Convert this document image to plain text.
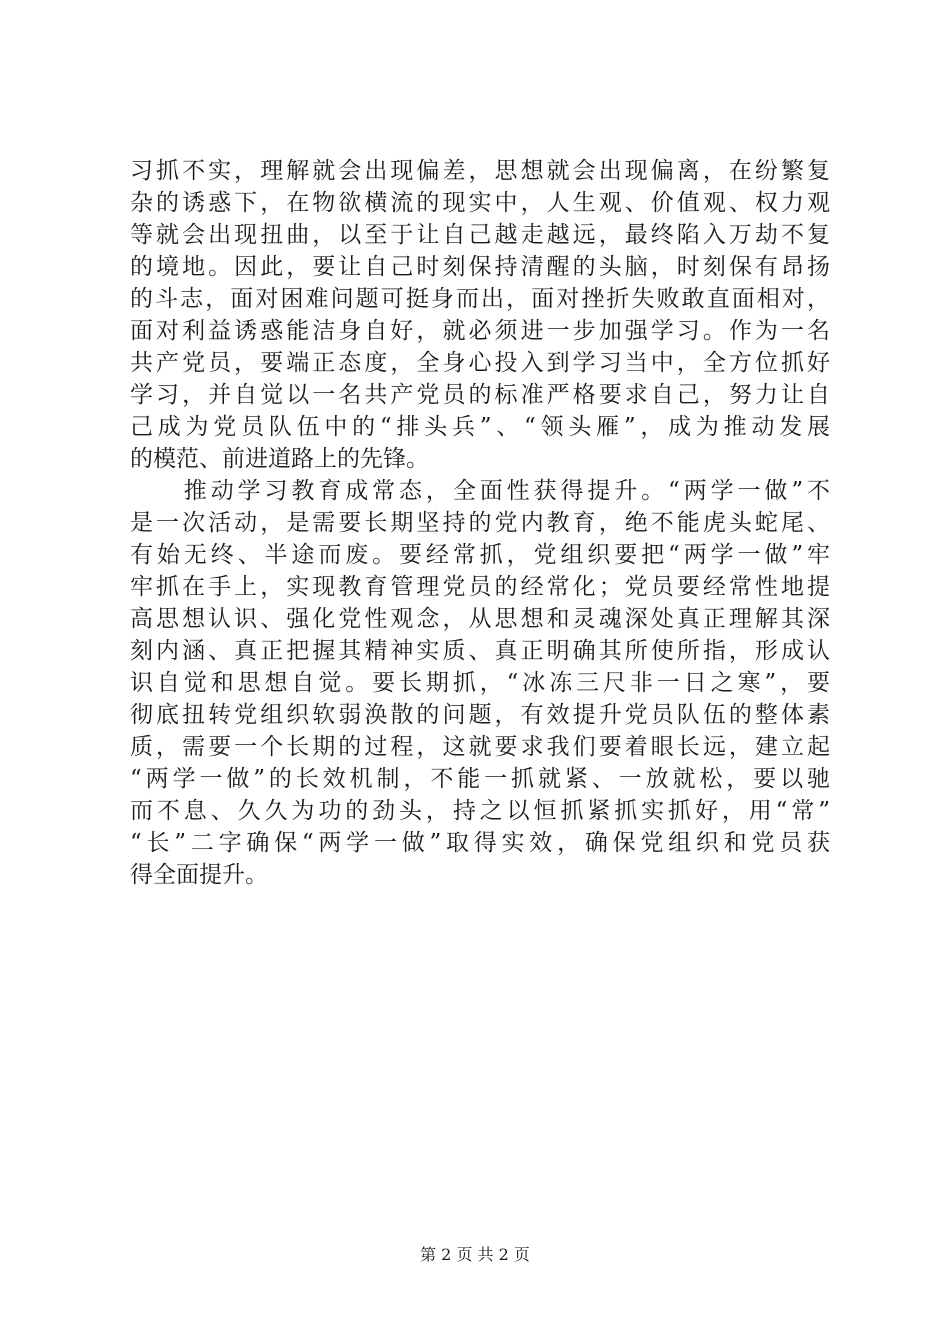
习抓不实，理解就会出现偏差，思想就会出现偏离，在纷繁复
杂的诱惑下，在物欲横流的现实中，人生观、价值观、权力观
等就会出现扭曲，以至于让自己越走越远，最终陷入万劫不复
的境地。因此，要让自己时刻保持清醒的头脑，时刻保有昂扬
的斗志，面对困难问题可挺身而出，面对挫折失败敢直面相对，
面对利益诱惑能洁身自好，就必须进一步加强学习。作为一名
共产党员，要端正态度，全身心投入到学习当中，全方位抓好
学习，并自觉以一名共产党员的标准严格要求自己，努力让自
己成为党员队伍中的“排头兵”、“领头雁”，成为推动发展
的模范、前进道路上的先锋。
　　推动学习教育成常态，全面性获得提升。“两学一做”不
是一次活动，是需要长期坚持的党内教育，绝不能虎头蛇尾、
有始无终、半途而废。要经常抓，党组织要把“两学一做”牢
牢抓在手上，实现教育管理党员的经常化；党员要经常性地提
高思想认识、强化党性观念，从思想和灵魂深处真正理解其深
刻内涵、真正把握其精神实质、真正明确其所使所指，形成认
识自觉和思想自觉。要长期抓，“冰冻三尺非一日之寒”，要
彻底扭转党组织软弱涣散的问题，有效提升党员队伍的整体素
质，需要一个长期的过程，这就要求我们要着眼长远，建立起
“两学一做”的长效机制，不能一抓就紧、一放就松，要以驰
而不息、久久为功的劲头，持之以恒抓紧抓实抓好，用“常”
“长”二字确保“两学一做”取得实效，确保党组织和党员获
得全面提升。
第 2 页 共 2 页
